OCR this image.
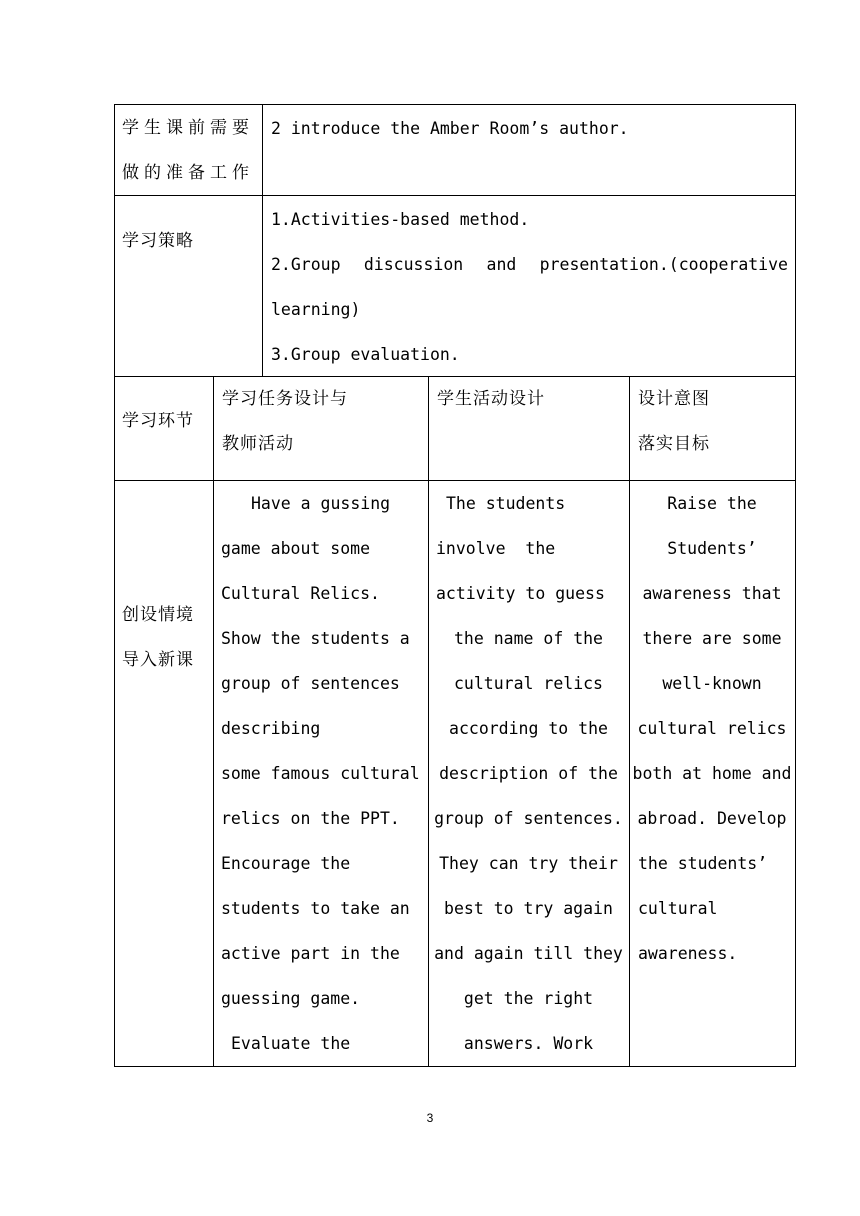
学生课前需要
做的准备工作
2 introduce the Amber Room’s author.
学习策略
1.Activities-based method.
2.Group discussion and presentation.(cooperative
learning)
3.Group evaluation.
学习环节
学习任务设计与
教师活动
学生活动设计	设计意图
落实目标
创设情境
导入新课
Have a gussing
game about some
Cultural Relics.
Show the students a
group of sentences
describing
some famous cultural
relics on the PPT.
Encourage the
students to take an
active part in the
guessing game.
Evaluate the
The students
involve  the
activity to guess
the name of the
cultural relics
according to the
description of the
group of sentences.
They can try their
best to try again
and again till they
get the right
answers. Work
Raise the
Students’
awareness that
there are some
well-known
cultural relics
both at home and
abroad. Develop
the students’
cultural
awareness.
3
